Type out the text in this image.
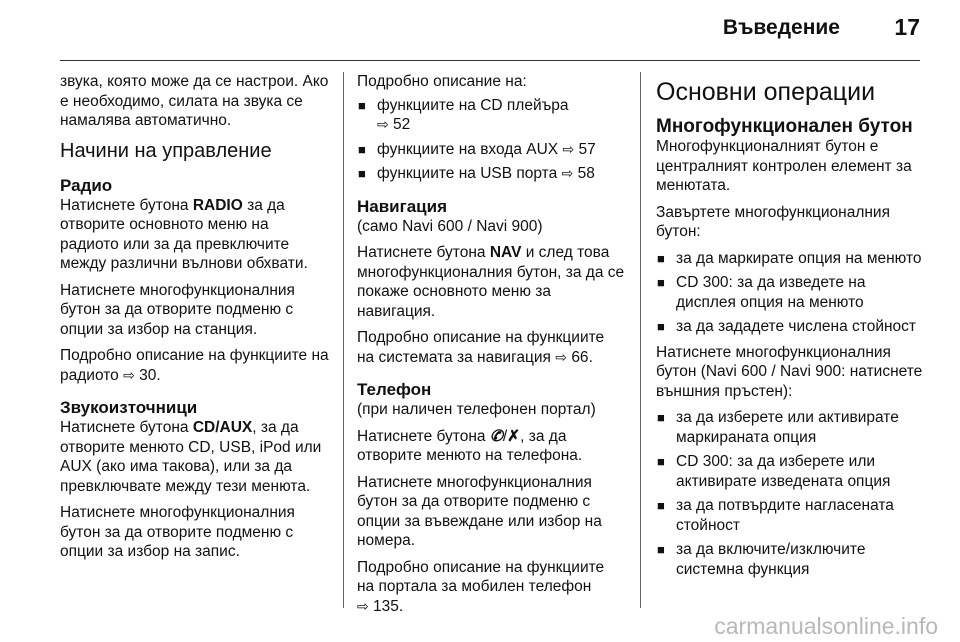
Въведение 17

звука, която може да се настрои. Ако е необходимо, силата на звука се намалява автоматично.

Начини на управление
Радио

Натиснете бутона RADIO за да отворите основното меню на радиото или за да превключите между различни вълнови обхвати.

Натиснете многофункционалния бутон за да отворите подменю с опции за избор на станция.

Подробно описание на функциите на радиото ⇨ 30.

Звукоизточници

Натиснете бутона CD/AUX, за да отворите менюто CD, USB, iPod или AUX (ако има такова), или за да превключвате между тези менюта.

Натиснете многофункционалния бутон за да отворите подменю с опции за избор на запис.

Подробно описание на:

■ функциите на CD плейъра
⇨ 52
■ функциите на входа AUX ⇨ 57
■ функциите на USB порта ⇨ 58
Навигация

(само Navi 600 / Navi 900)

Натиснете бутона NAV и след това многофункционалния бутон, за да се покаже основното меню за навигация.

Подробно описание на функциите на системата за навигация ⇨ 66.

Телефон

(при наличен телефонен портал)

Натиснете бутона ✆/✗, за да отворите менюто на телефона.

Натиснете многофункционалния бутон за да отворите подменю с опции за въвеждане или избор на номера.

Подробно описание на функциите на портала за мобилен телефон
⇨ 135.

Основни операции
Многофункционален бутон

Многофункционалният бутон е централният контролен елемент за менютата.

Завъртете многофункционалния бутон:

■ за да маркирате опция на менюто
■ CD 300: за да изведете на дисплея опция на менюто
■ за да зададете числена стойност

Натиснете многофункционалния бутон (Navi 600 / Navi 900: натиснете външния пръстен):

■ за да изберете или активирате маркираната опция
■ CD 300: за да изберете или активирате изведената опция
■ за да потвърдите нагласената стойност
■ за да включите/изключите системна функция
carmanualsonline.info
